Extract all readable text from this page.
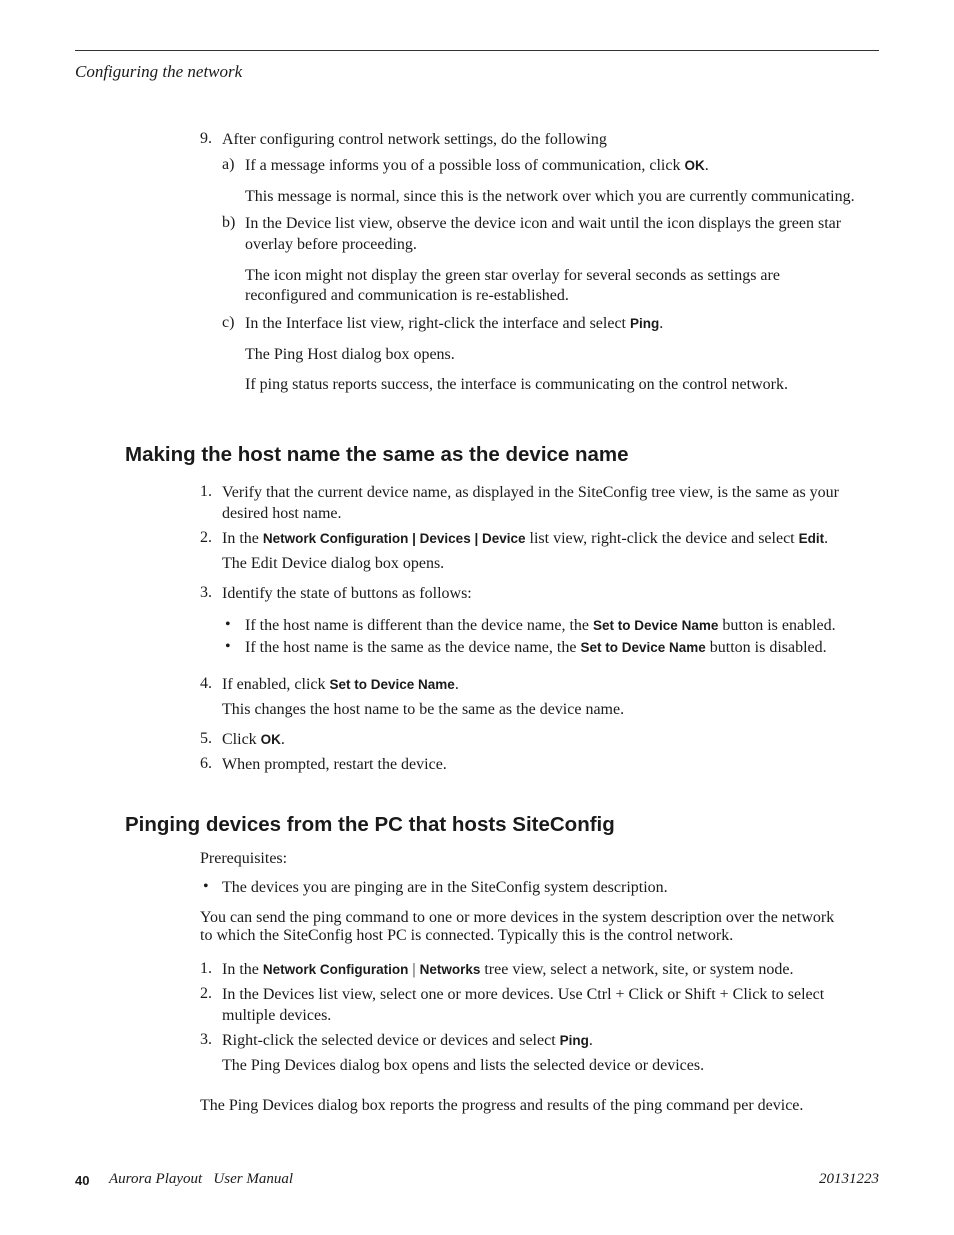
Configuring the network
9. After configuring control network settings, do the following
a) If a message informs you of a possible loss of communication, click OK.
This message is normal, since this is the network over which you are currently communicating.
b) In the Device list view, observe the device icon and wait until the icon displays the green star
overlay before proceeding.
The icon might not display the green star overlay for several seconds as settings are
reconfigured and communication is re-established.
c) In the Interface list view, right-click the interface and select Ping.
The Ping Host dialog box opens.
If ping status reports success, the interface is communicating on the control network.
Making the host name the same as the device name
1. Verify that the current device name, as displayed in the SiteConfig tree view, is the same as your
desired host name.
2. In the Network Configuration | Devices | Device list view, right-click the device and select Edit.
The Edit Device dialog box opens.
3. Identify the state of buttons as follows:
• If the host name is different than the device name, the Set to Device Name button is enabled.
• If the host name is the same as the device name, the Set to Device Name button is disabled.
4. If enabled, click Set to Device Name.
This changes the host name to be the same as the device name.
5. Click OK.
6. When prompted, restart the device.
Pinging devices from the PC that hosts SiteConfig
Prerequisites:
• The devices you are pinging are in the SiteConfig system description.
You can send the ping command to one or more devices in the system description over the network
to which the SiteConfig host PC is connected. Typically this is the control network.
1. In the Network Configuration | Networks tree view, select a network, site, or system node.
2. In the Devices list view, select one or more devices. Use Ctrl + Click or Shift + Click to select
multiple devices.
3. Right-click the selected device or devices and select Ping.
The Ping Devices dialog box opens and lists the selected device or devices.
The Ping Devices dialog box reports the progress and results of the ping command per device.
40 Aurora Playout   User Manual	20131223
